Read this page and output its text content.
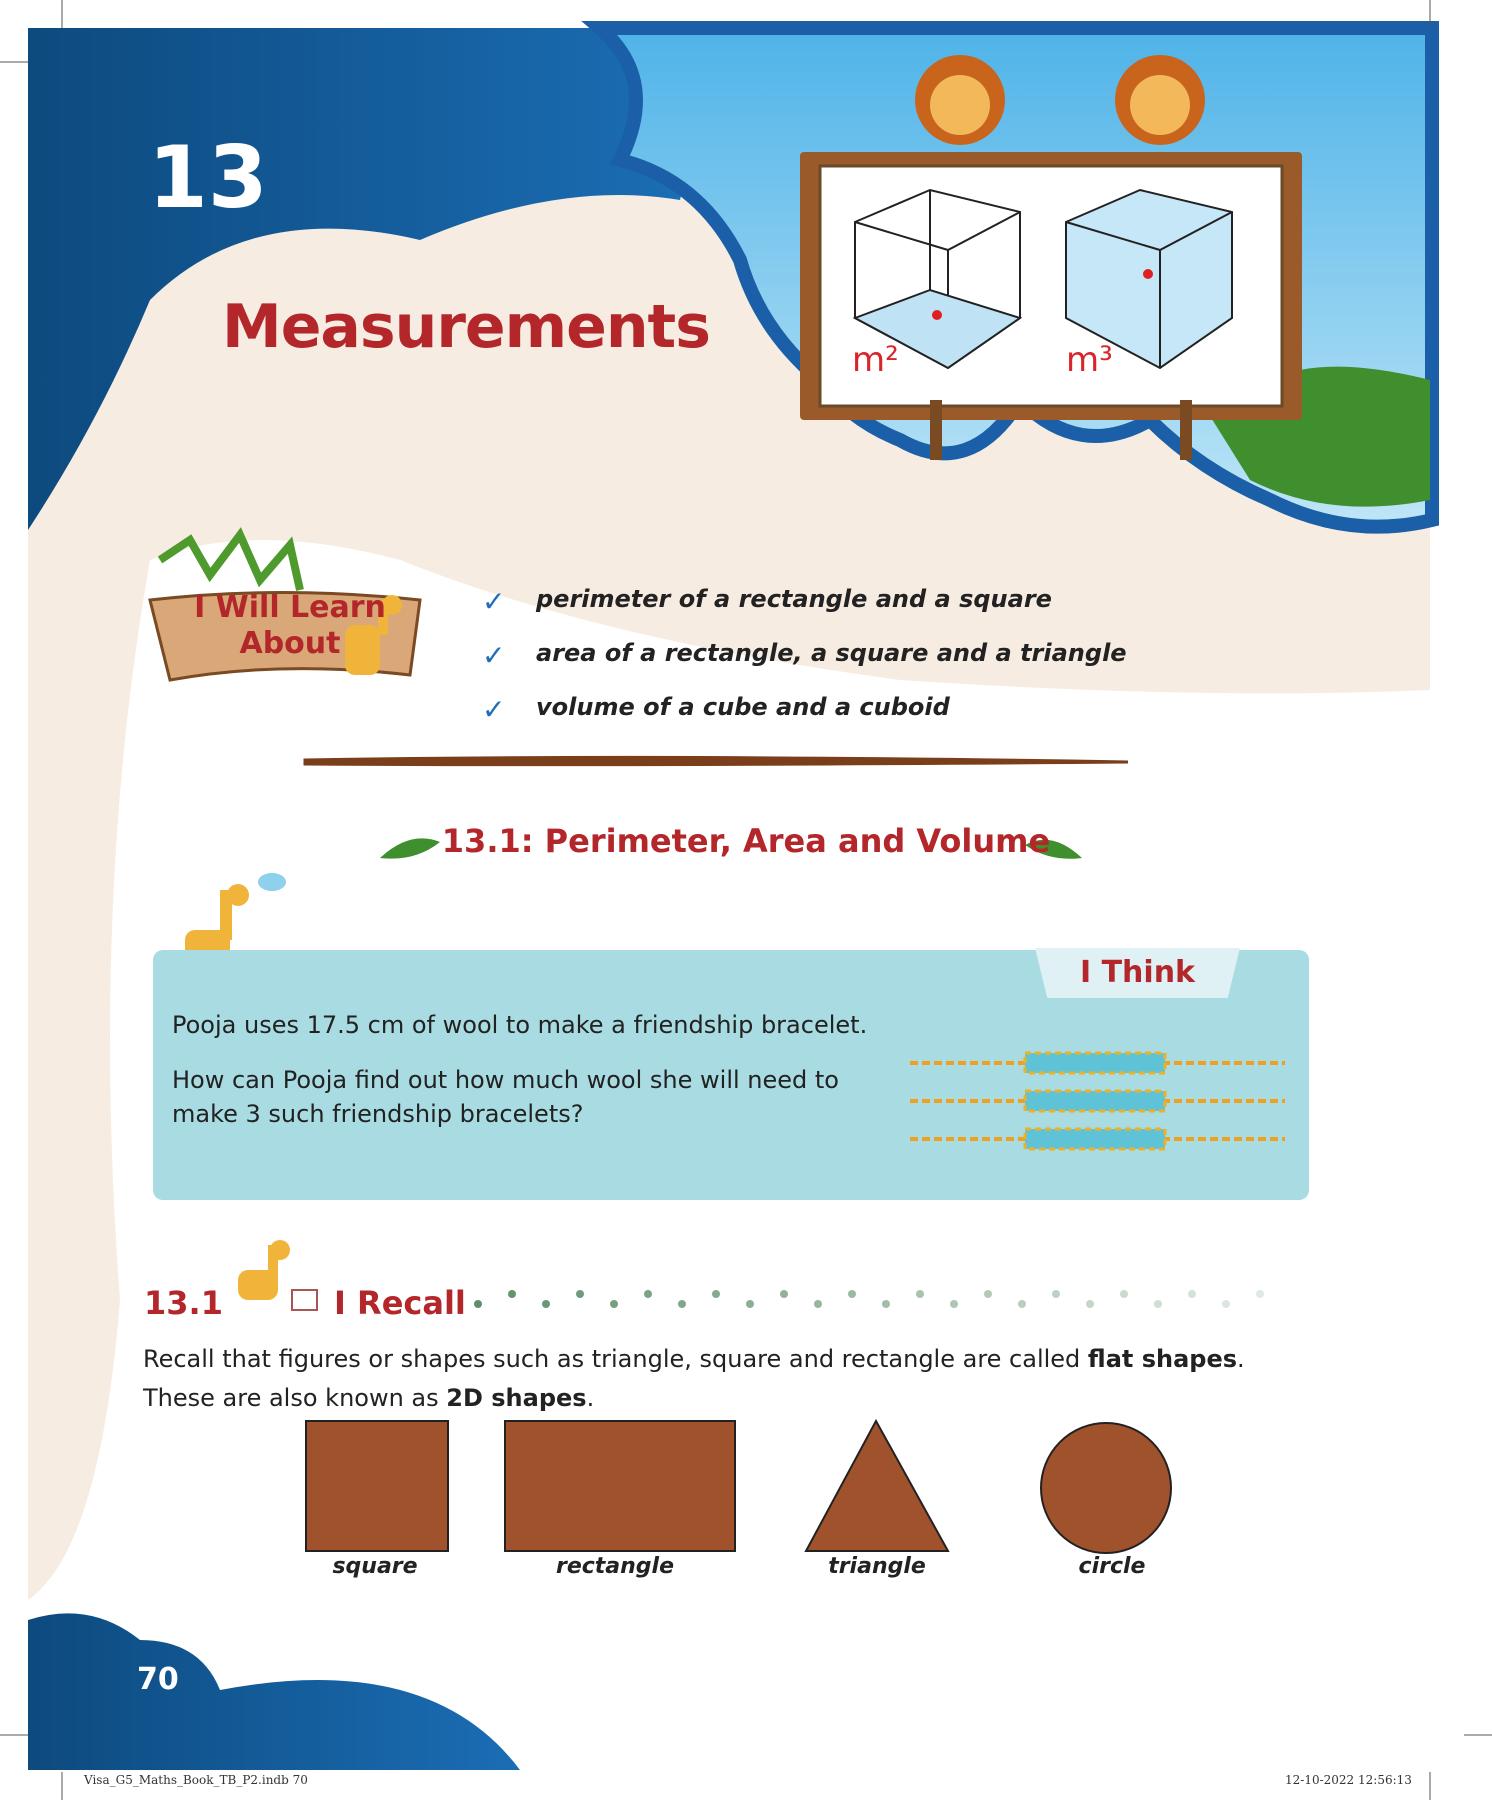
13
Measurements	m²	m³
I Will Learn
About
✓ perimeter of a rectangle and a square
✓ area of a rectangle, a square and a triangle
✓ volume of a cube and a cuboid
13.1: Perimeter, Area and Volume
I Think
Pooja uses 17.5 cm of wool to make a friendship bracelet.
How can Pooja find out how much wool she will need to
make 3 such friendship bracelets?
13.1	I Recall
Recall that figures or shapes such as triangle, square and rectangle are called flat shapes.
These are also known as 2D shapes.
square	rectangle	triangle	circle
70
Visa_G5_Maths_Book_TB_P2.indb 70	12-10-2022 12:56:13
